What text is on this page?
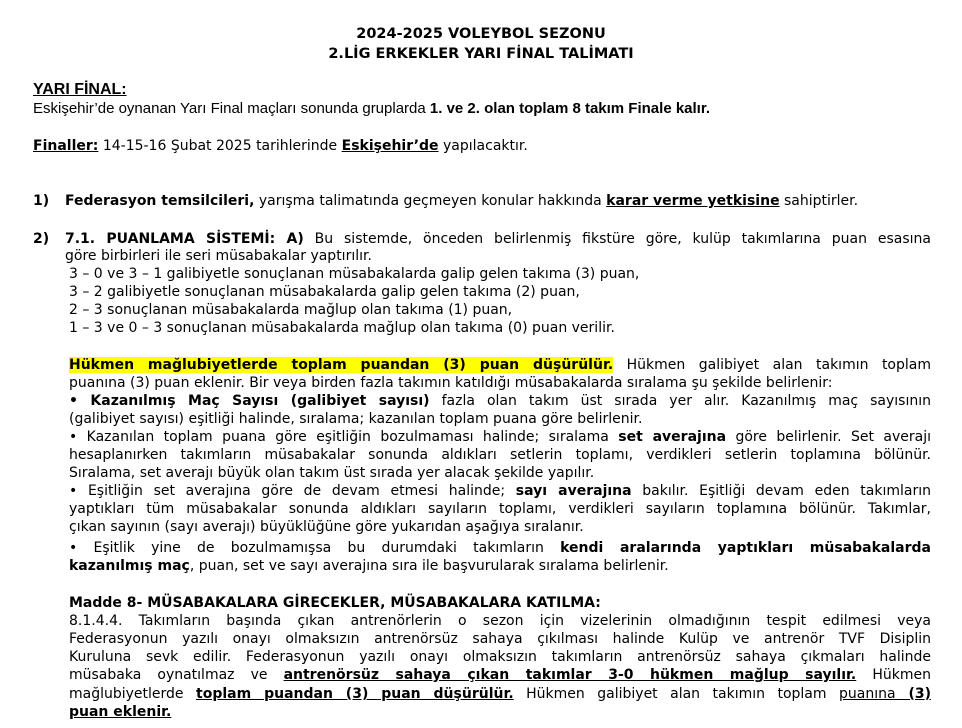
2024-2025 VOLEYBOL SEZONU
2.LİG ERKEKLER YARI FİNAL TALİMATI
YARI FİNAL:
Eskişehir’de oynanan Yarı Final maçları sonunda gruplarda 1. ve 2. olan toplam 8 takım Finale kalır.
Finaller: 14-15-16 Şubat 2025 tarihlerinde Eskişehir’de yapılacaktır.
1) Federasyon temsilcileri, yarışma talimatında geçmeyen konular hakkında karar verme yetkisine sahiptirler.
2) 7.1. PUANLAMA SİSTEMİ: A) Bu sistemde, önceden belirlenmiş fikstüre göre, kulüp takımlarına puan esasına
göre birbirleri ile seri müsabakalar yaptırılır.
3 – 0 ve 3 – 1 galibiyetle sonuçlanan müsabakalarda galip gelen takıma (3) puan,
3 – 2 galibiyetle sonuçlanan müsabakalarda galip gelen takıma (2) puan,
2 – 3 sonuçlanan müsabakalarda mağlup olan takıma (1) puan,
1 – 3 ve 0 – 3 sonuçlanan müsabakalarda mağlup olan takıma (0) puan verilir.
Hükmen mağlubiyetlerde toplam puandan (3) puan düşürülür. Hükmen galibiyet alan takımın toplam
puanına (3) puan eklenir. Bir veya birden fazla takımın katıldığı müsabakalarda sıralama şu şekilde belirlenir:
• Kazanılmış Maç Sayısı (galibiyet sayısı) fazla olan takım üst sırada yer alır. Kazanılmış maç sayısının
(galibiyet sayısı) eşitliği halinde, sıralama; kazanılan toplam puana göre belirlenir.
• Kazanılan toplam puana göre eşitliğin bozulmaması halinde; sıralama set averajına göre belirlenir. Set averajı
hesaplanırken takımların müsabakalar sonunda aldıkları setlerin toplamı, verdikleri setlerin toplamına bölünür.
Sıralama, set averajı büyük olan takım üst sırada yer alacak şekilde yapılır.
• Eşitliğin set averajına göre de devam etmesi halinde; sayı averajına bakılır. Eşitliği devam eden takımların
yaptıkları tüm müsabakalar sonunda aldıkları sayıların toplamı, verdikleri sayıların toplamına bölünür. Takımlar,
çıkan sayının (sayı averajı) büyüklüğüne göre yukarıdan aşağıya sıralanır.
• Eşitlik yine de bozulmamışsa bu durumdaki takımların kendi aralarında yaptıkları müsabakalarda
kazanılmış maç, puan, set ve sayı averajına sıra ile başvurularak sıralama belirlenir.
Madde 8- MÜSABAKALARA GİRECEKLER, MÜSABAKALARA KATILMA:
8.1.4.4. Takımların başında çıkan antrenörlerin o sezon için vizelerinin olmadığının tespit edilmesi veya
Federasyonun yazılı onayı olmaksızın antrenörsüz sahaya çıkılması halinde Kulüp ve antrenör TVF Disiplin
Kuruluna sevk edilir. Federasyonun yazılı onayı olmaksızın takımların antrenörsüz sahaya çıkmaları halinde
müsabaka oynatılmaz ve antrenörsüz sahaya çıkan takımlar 3-0 hükmen mağlup sayılır. Hükmen
mağlubiyetlerde toplam puandan (3) puan düşürülür. Hükmen galibiyet alan takımın toplam puanına (3)
puan eklenir.
